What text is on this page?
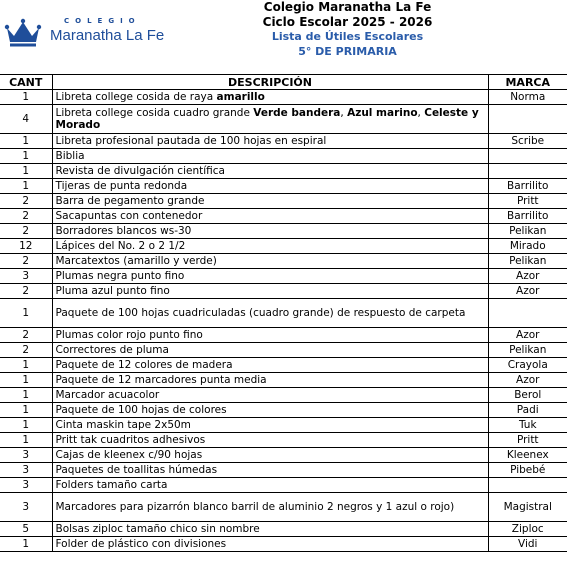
COLEGIO
Maranatha La Fe
Colegio Maranatha La Fe
Ciclo Escolar 2025 - 2026
Lista de Útiles Escolares
5° DE PRIMARIA
CANT	DESCRIPCIÓN	MARCA
1	Libreta college cosida de raya amarillo	Norma
4	Libreta college cosida cuadro grande Verde bandera, Azul marino, Celeste y Morado	
1	Libreta profesional pautada de 100 hojas en espiral	Scribe
1	Biblia	
1	Revista de divulgación científica	
1	Tijeras de punta redonda	Barrilito
2	Barra de pegamento grande	Pritt
2	Sacapuntas con contenedor	Barrilito
2	Borradores blancos ws-30	Pelikan
12	Lápices del No. 2 o 2 1/2	Mirado
2	Marcatextos (amarillo y verde)	Pelikan
3	Plumas negra punto fino	Azor
2	Pluma azul punto fino	Azor
1	Paquete de 100 hojas cuadriculadas (cuadro grande) de respuesto de carpeta	
2	Plumas color rojo punto fino	Azor
2	Correctores de pluma	Pelikan
1	Paquete de 12 colores de madera	Crayola
1	Paquete de 12 marcadores punta media	Azor
1	Marcador acuacolor	Berol
1	Paquete de 100 hojas de colores	Padi
1	Cinta maskin tape 2x50m	Tuk
1	Pritt tak cuadritos adhesivos	Pritt
3	Cajas de kleenex c/90 hojas	Kleenex
3	Paquetes de toallitas húmedas	Pibebé
3	Folders tamaño carta	
3	Marcadores para pizarrón blanco barril de aluminio 2 negros y 1 azul o rojo)	Magistral
5	Bolsas ziploc tamaño chico sin nombre	Ziploc
1	Folder de plástico con divisiones	Vidi
